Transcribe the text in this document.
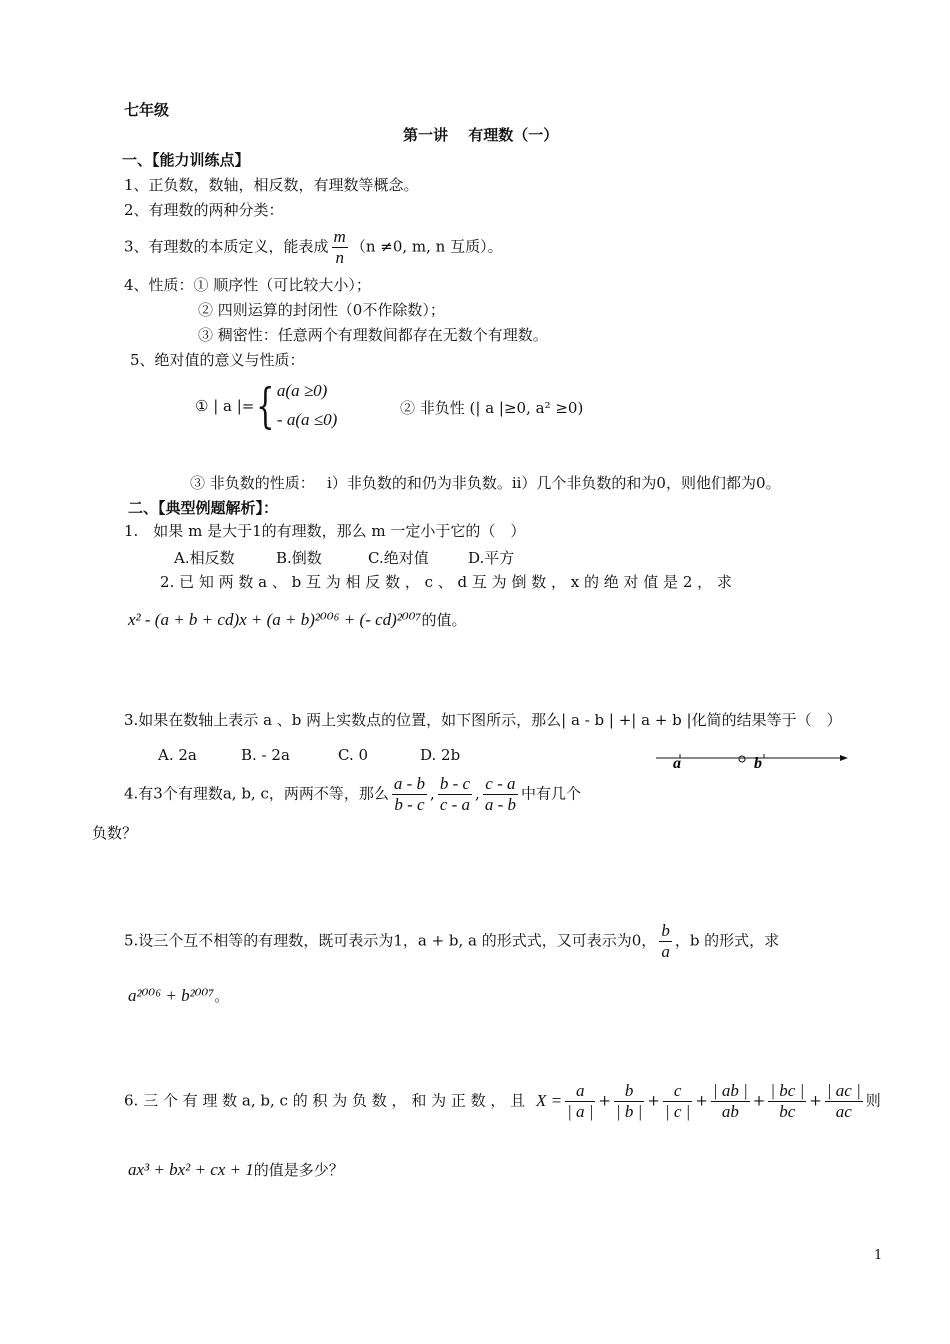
七年级
第一讲　 有理数（一）
一、【能力训练点】
1、正负数，数轴，相反数，有理数等概念。
2、有理数的两种分类：
3、有理数的本质定义，能表成 $\frac{m}{n} (n \ne 0$, m, n 互质）。
4、性质：① 顺序性（可比较大小）；
② 四则运算的封闭性（0不作除数）；
③ 稠密性：任意两个有理数间都存在无数个有理数。
5、绝对值的意义与性质：
① | a |={ a(a ≥0)
- a(a ≤0)
② 非负性 (| a |≥0, a² ≥0)
③ 非负数的性质：　 i）非负数的和仍为非负数。ii）几个非负数的和为0，则他们都为0。
二、【典型例题解析】：
1.　如果 m 是大于1的有理数，那么 m 一定小于它的（　）
A.相反数	B.倒数	C.绝对值	D.平方
2. 已 知 两 数 a 、 b 互 为 相 反 数 ， c 、 d 互 为 倒 数 ， x 的 绝 对 值 是 2 ， 求
x² - (a + b + cd)x + (a + b)²⁰⁰⁶ + (- cd)²⁰⁰⁷的值。
3.如果在数轴上表示 a 、b 两上实数点的位置，如下图所示，那么| a - b | +| a + b |化简的结果等于（　）
A. 2a	B. - 2a	C. 0	D. 2b	a	b
4.有3个有理数a, b, c，两两不等，那么 $\frac{a - b}{b - c}$ , $\frac{b - c}{c - a}$ , $\frac{c - a}{a - b}$ 中有几个
负数？
5.设三个互不相等的有理数，既可表示为1，a + b, a 的形式式，又可表示为0， $\frac{b}{a}$ ，b 的形式，求
a²⁰⁰⁶ + b²⁰⁰⁷。
6. 三 个 有 理 数 a, b, c 的 积 为 负 数 ， 和 为 正 数 ， 且 $X = \frac{a}{| a |} + \frac{b}{| b |} + \frac{c}{| c |} + \frac{| ab |}{ab} + \frac{| bc |}{bc} + \frac{| ac |}{ac}$ 则
ax³ + bx² + cx + 1的值是多少？
1
